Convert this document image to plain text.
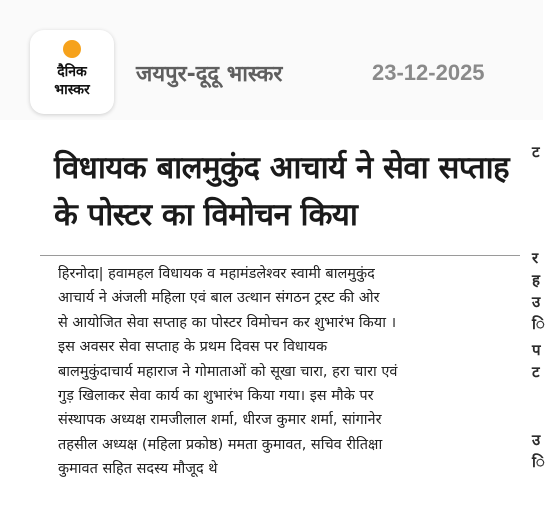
दैनिक
भास्कर
जयपुर-दूदू भास्कर	23-12-2025
विधायक बालमुकुंद आचार्य ने सेवा सप्ताह के पोस्टर का विमोचन किया
हिरनोदा| हवामहल विधायक व महामंडलेश्वर स्वामी बालमुकुंद
आचार्य ने अंजली महिला एवं बाल उत्थान संगठन ट्रस्ट की ओर
से आयोजित सेवा सप्ताह का पोस्टर विमोचन कर शुभारंभ किया ।
इस अवसर सेवा सप्ताह के प्रथम दिवस पर विधायक
बालमुकुंदाचार्य महाराज ने गोमाताओं को सूखा चारा, हरा चारा एवं
गुड़ खिलाकर सेवा कार्य का शुभारंभ किया गया। इस मौके पर
संस्थापक अध्यक्ष रामजीलाल शर्मा, धीरज कुमार शर्मा, सांगानेर
तहसील अध्यक्ष (महिला प्रकोष्ठ) ममता कुमावत, सचिव रीतिक्षा
कुमावत सहित सदस्य मौजूद थे
ट
र
ह
उ
ि
प
ट
उ
ि
